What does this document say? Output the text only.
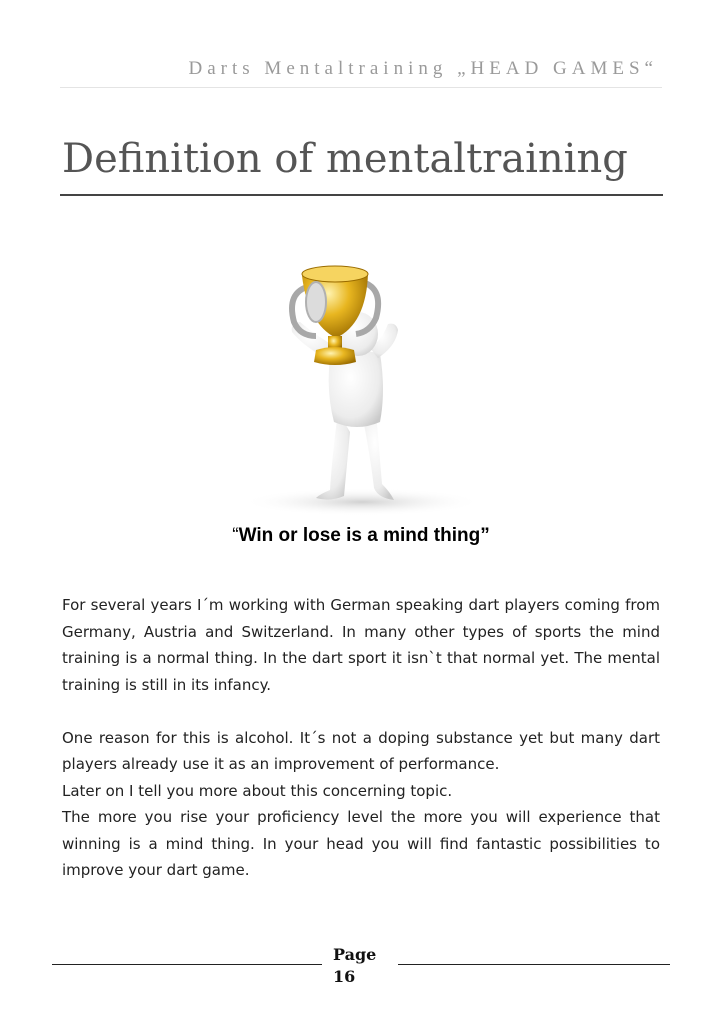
Darts Mentaltraining „HEAD GAMES“
Definition of mentaltraining
“Win or lose is a mind thing”

For several years I´m working with German speaking dart players coming from Germany, Austria and Switzerland. In many other types of sports the mind training is a normal thing. In the dart sport it isn`t that normal yet. The mental training is still in its infancy.

One reason for this is alcohol. It´s not a doping substance yet but many dart players already use it as an improvement of performance.

Later on I tell you more about this concerning topic.

The more you rise your proficiency level the more you will experience that winning is a mind thing. In your head you will find fantastic possibilities to improve your dart game.

Page
16
